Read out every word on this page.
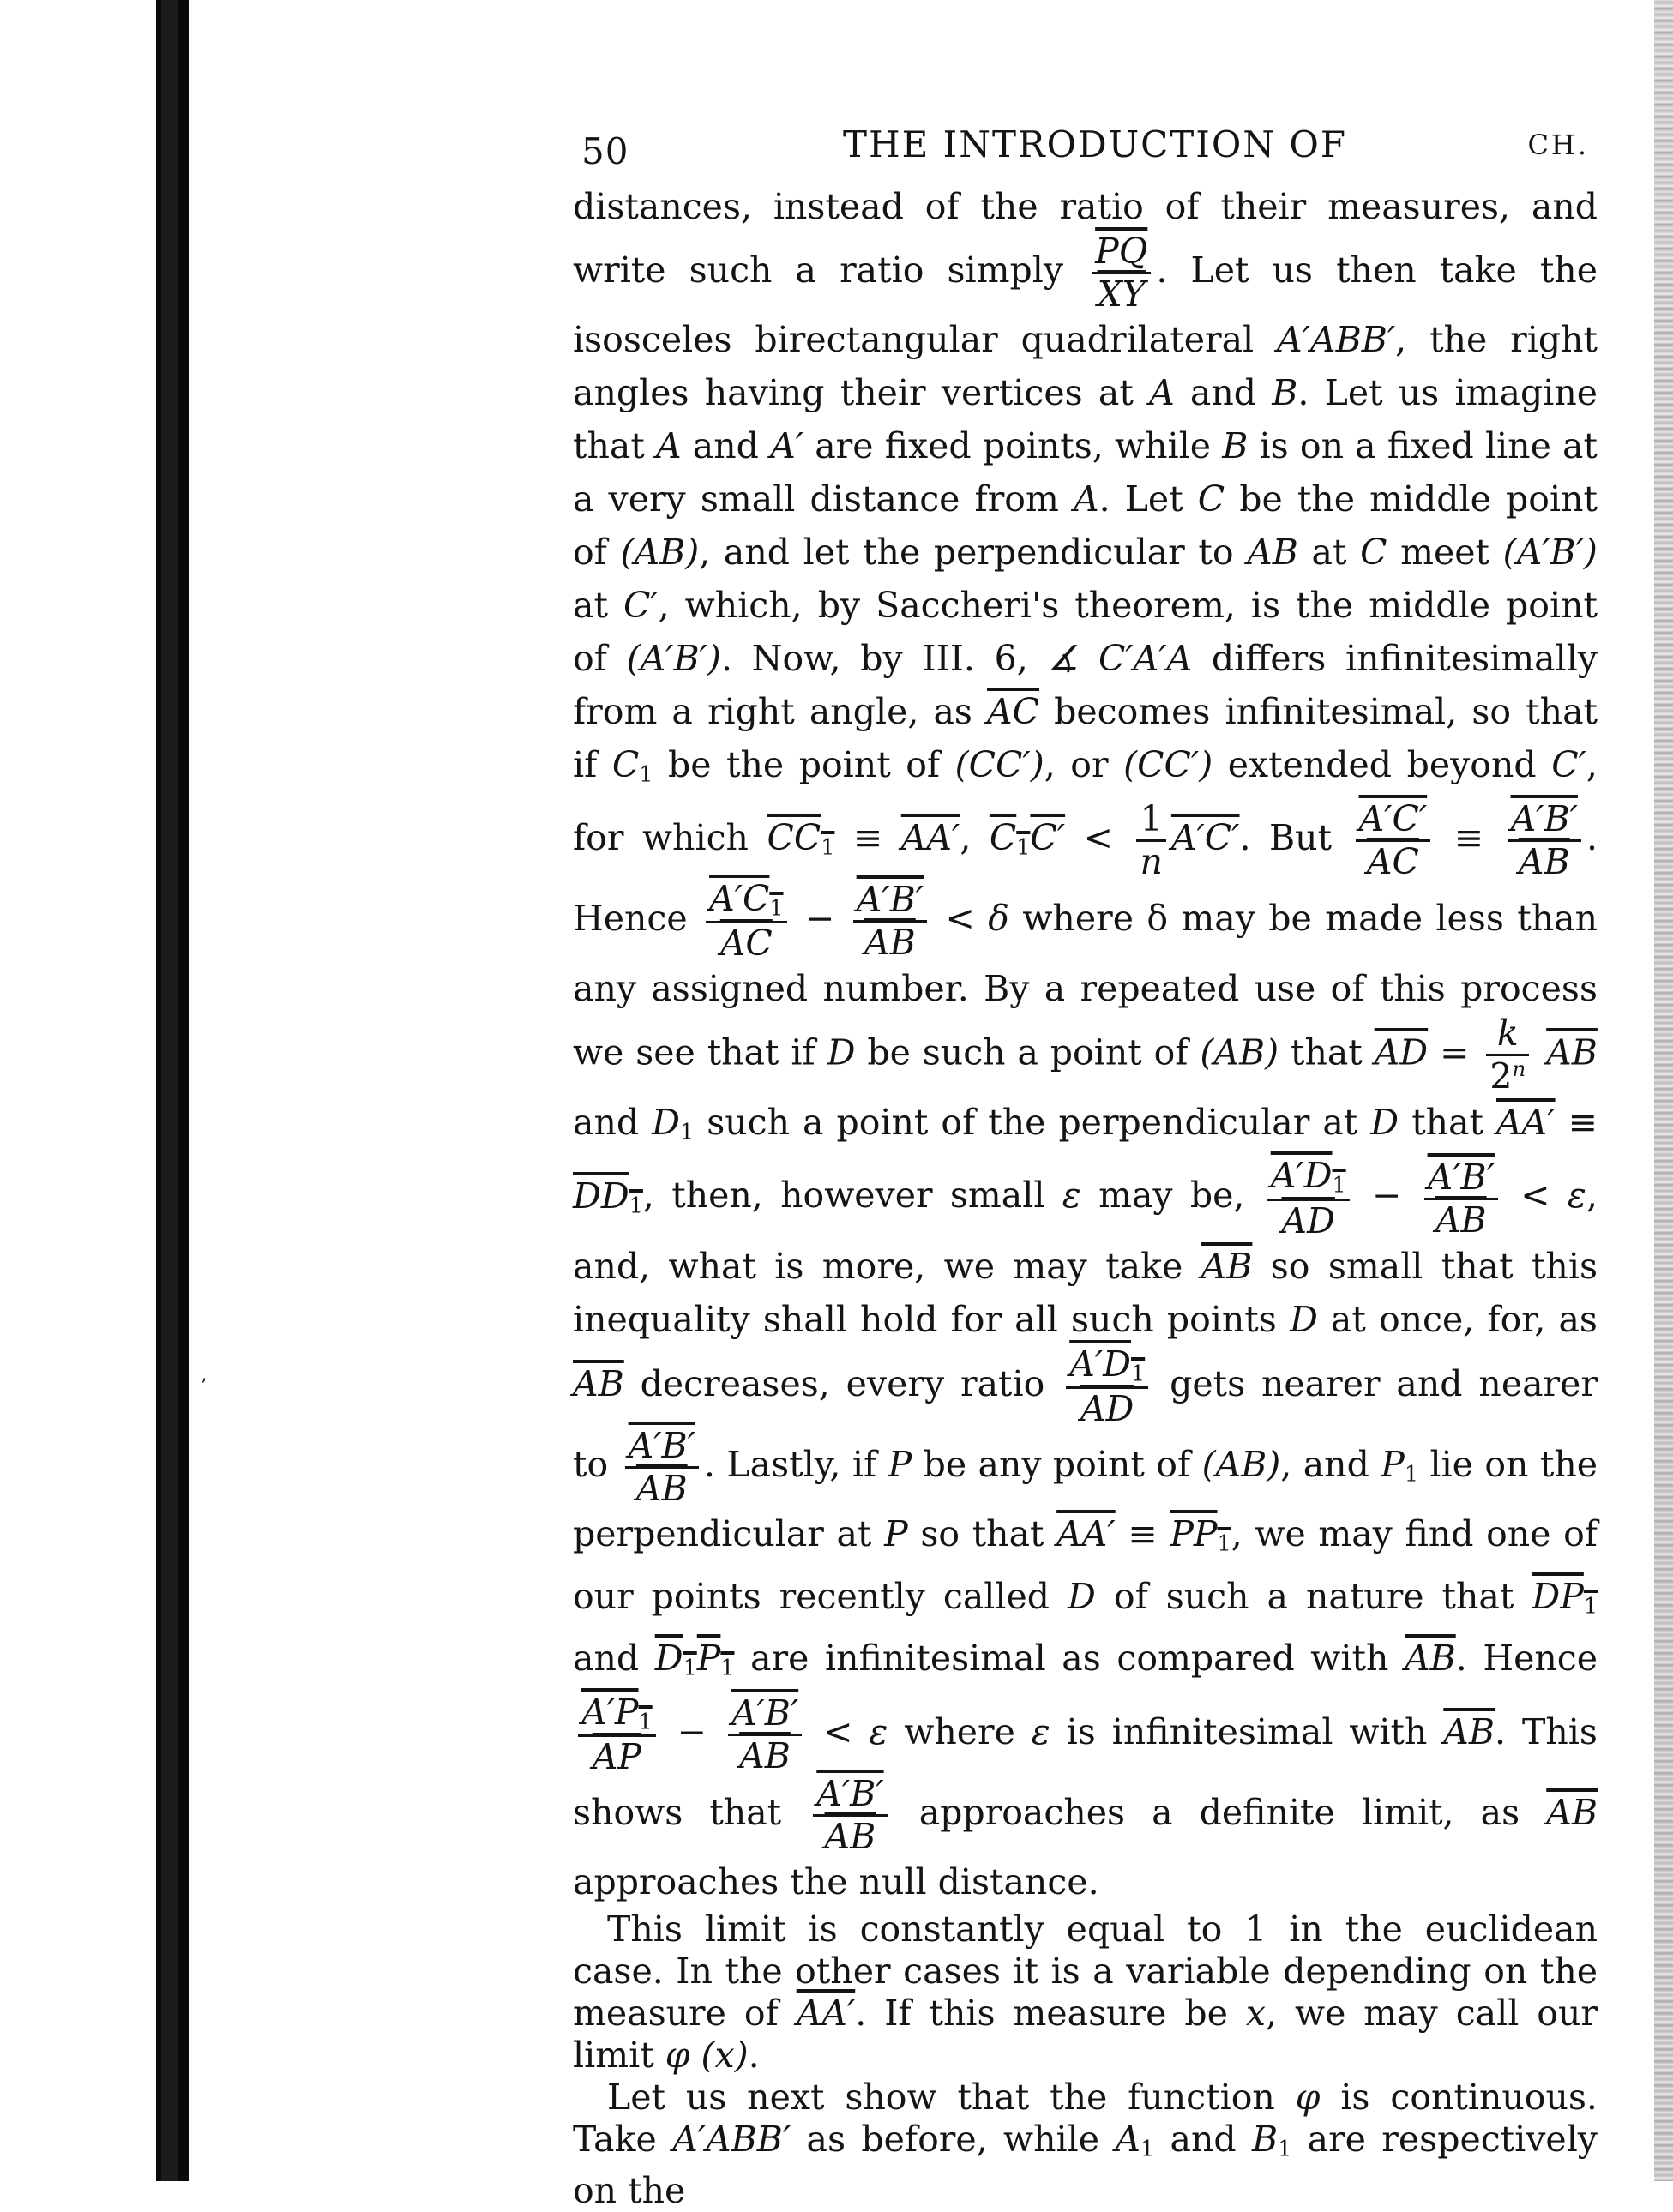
’
50	THE INTRODUCTION OF	CH.

distances, instead of the ratio of their measures, and write such a ratio simply $\frac{\overline{PQ}}{XY}$ . Let us then take the isosceles birectangular quadrilateral A′ABB′, the right angles having their vertices at A and B. Let us imagine that A and A′ are fixed points, while B is on a fixed line at a very small distance from A. Let C be the middle point of (AB), and let the perpendicular to AB at C meet (A′B′) at C′, which, by Saccheri's theorem, is the middle point of (A′B′). Now, by III. 6, ∡ C′A′A differs infinitesimally from a right angle, as $\overline{AC}$ becomes infinitesimal, so that if $C_1$ be the point of (CC′), or (CC′) extended beyond C′, for which $CC_1 \equiv AA'$, $C_1C' < \frac{1}{n} A'C'$. But $\frac{A'C'}{AC} \equiv \frac{A'B'}{AB}$ . Hence $\frac{A'C_1}{AC} - \frac{A'B'}{AB} < \delta$ where δ may be made less than any assigned number. By a repeated use of this process we see that if D be such a point of (AB) that $\overline{AD} = \frac{k}{2^n} \overline{AB}$ and $D_1$ such a point of the perpendicular at D that $AA' \equiv DD_1$, then, however small ε may be, $\frac{A'D_1}{AD} - \frac{A'B'}{AB} < \varepsilon$, and, what is more, we may take $\overline{AB}$ so small that this inequality shall hold for all such points D at once, for, as $\overline{AB}$ decreases, every ratio $\frac{A'D_1}{AD}$ gets nearer and nearer to $\frac{A'B'}{AB}$ . Lastly, if P be any point of (AB), and $P_1$ lie on the perpendicular at P so that $AA' \equiv PP_1$, we may find one of our points recently called D of such a nature that $DP_1$ and $D_1P_1$ are infinitesimal as compared with $\overline{AB}$. Hence
$\frac{A'P_1}{AP} - \frac{A'B'}{AB} < \varepsilon$ where ε is infinitesimal with $\overline{AB}$. This shows that $\frac{A'B'}{AB}$ approaches a definite limit, as $\overline{AB}$ approaches the null distance.

This limit is constantly equal to 1 in the euclidean case. In the other cases it is a variable depending on the measure of AA′. If this measure be x, we may call our limit φ (x).

Let us next show that the function φ is continuous. Take A′ABB′ as before, while $A_1$ and $B_1$ are respectively on the
